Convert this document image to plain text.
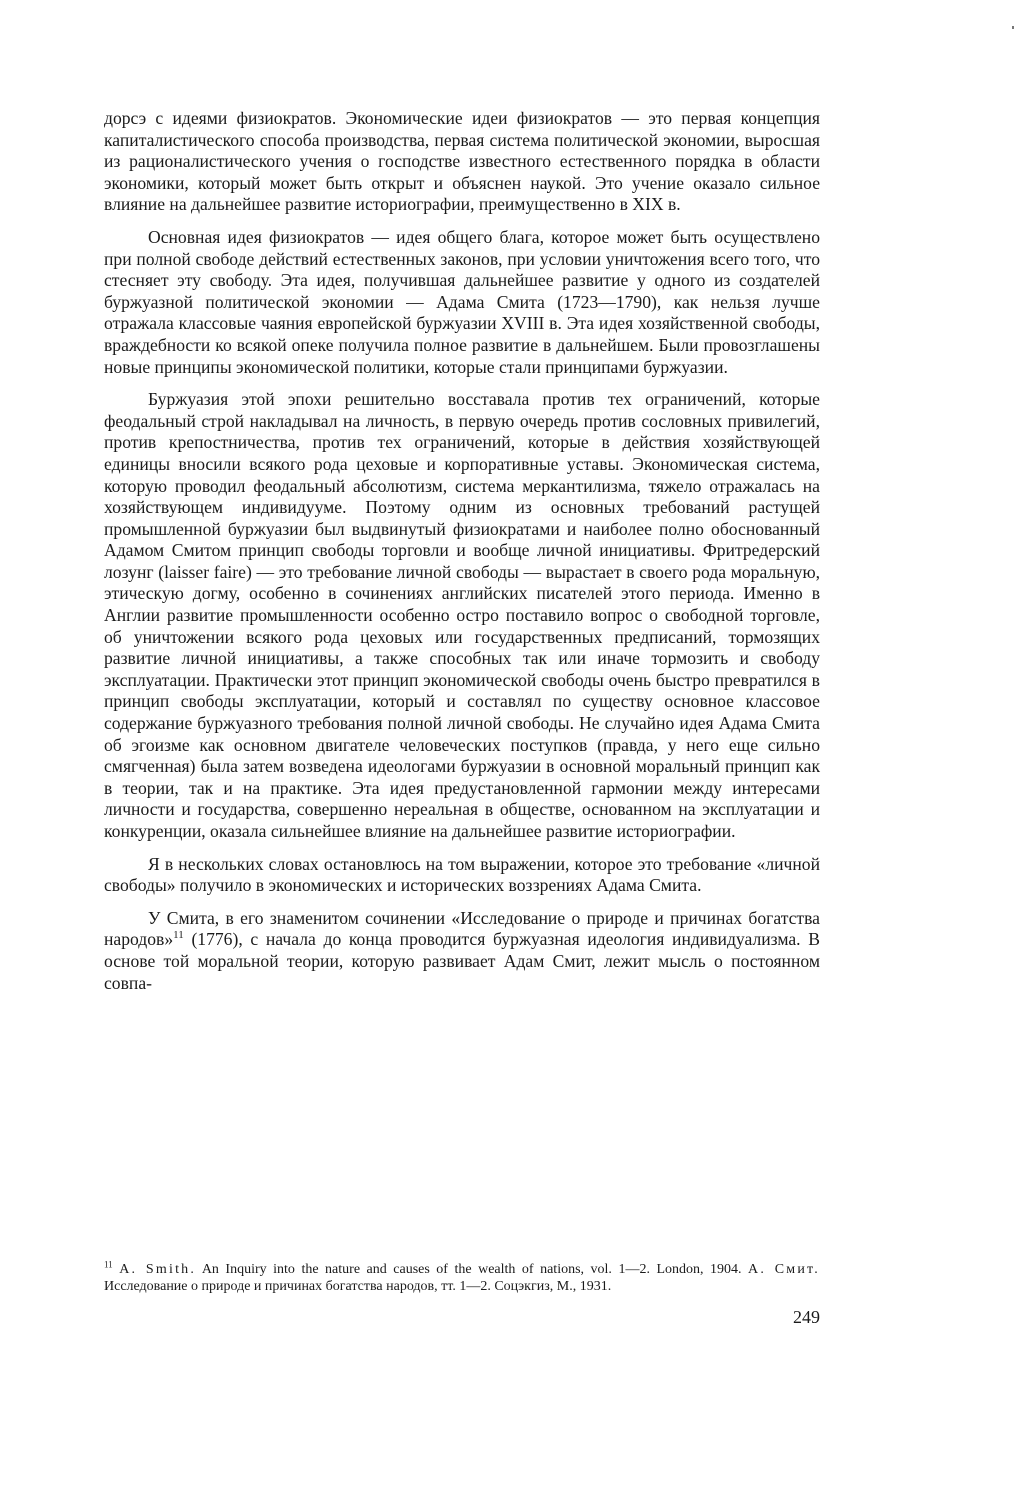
дорсэ с идеями физиократов. Экономические идеи физиократов — это первая концепция капиталистического способа производства, первая система политической экономии, выросшая из рационалистического учения о господстве известного естественного порядка в области экономики, который может быть открыт и объяснен наукой. Это учение оказало сильное влияние на дальнейшее развитие историографии, преимущественно в XIX в.

Основная идея физиократов — идея общего блага, которое может быть осуществлено при полной свободе действий естественных законов, при условии уничтожения всего того, что стесняет эту свободу. Эта идея, получившая дальнейшее развитие у одного из создателей буржуазной политической экономии — Адама Смита (1723—1790), как нельзя лучше отражала классовые чаяния европейской буржуазии XVIII в. Эта идея хозяйственной свободы, враждебности ко всякой опеке получила полное развитие в дальнейшем. Были провозглашены новые принципы экономической политики, которые стали принципами буржуазии.

Буржуазия этой эпохи решительно восставала против тех ограничений, которые феодальный строй накладывал на личность, в первую очередь против сословных привилегий, против крепостничества, против тех ограничений, которые в действия хозяйствующей единицы вносили всякого рода цеховые и корпоративные уставы. Экономическая система, которую проводил феодальный абсолютизм, система меркантилизма, тяжело отражалась на хозяйствующем индивидууме. Поэтому одним из основных требований растущей промышленной буржуазии был выдвинутый физиократами и наиболее полно обоснованный Адамом Смитом принцип свободы торговли и вообще личной инициативы. Фритредерский лозунг (laisser faire) — это требование личной свободы — вырастает в своего рода моральную, этическую догму, особенно в сочинениях английских писателей этого периода. Именно в Англии развитие промышленности особенно остро поставило вопрос о свободной торговле, об уничтожении всякого рода цеховых или государственных предписаний, тормозящих развитие личной инициативы, а также способных так или иначе тормозить и свободу эксплуатации. Практически этот принцип экономической свободы очень быстро превратился в принцип свободы эксплуатации, который и составлял по существу основное классовое содержание буржуазного требования полной личной свободы. Не случайно идея Адама Смита об эгоизме как основном двигателе человеческих поступков (правда, у него еще сильно смягченная) была затем возведена идеологами буржуазии в основной моральный принцип как в теории, так и на практике. Эта идея предустановленной гармонии между интересами личности и государства, совершенно нереальная в обществе, основанном на эксплуатации и конкуренции, оказала сильнейшее влияние на дальнейшее развитие историографии.

Я в нескольких словах остановлюсь на том выражении, которое это требование «личной свободы» получило в экономических и исторических воззрениях Адама Смита.

У Смита, в его знаменитом сочинении «Исследование о природе и причинах богатства народов»$^{11}$ (1776), с начала до конца проводится буржуазная идеология индивидуализма. В основе той моральной теории, которую развивает Адам Смит, лежит мысль о постоянном совпа-

$^{11}$ A. Smith. An Inquiry into the nature and causes of the wealth of nations, vol. 1—2. London, 1904. А. Смит. Исследование о природе и причинах богатства народов, тт. 1—2. Соцэкгиз, М., 1931.

249
